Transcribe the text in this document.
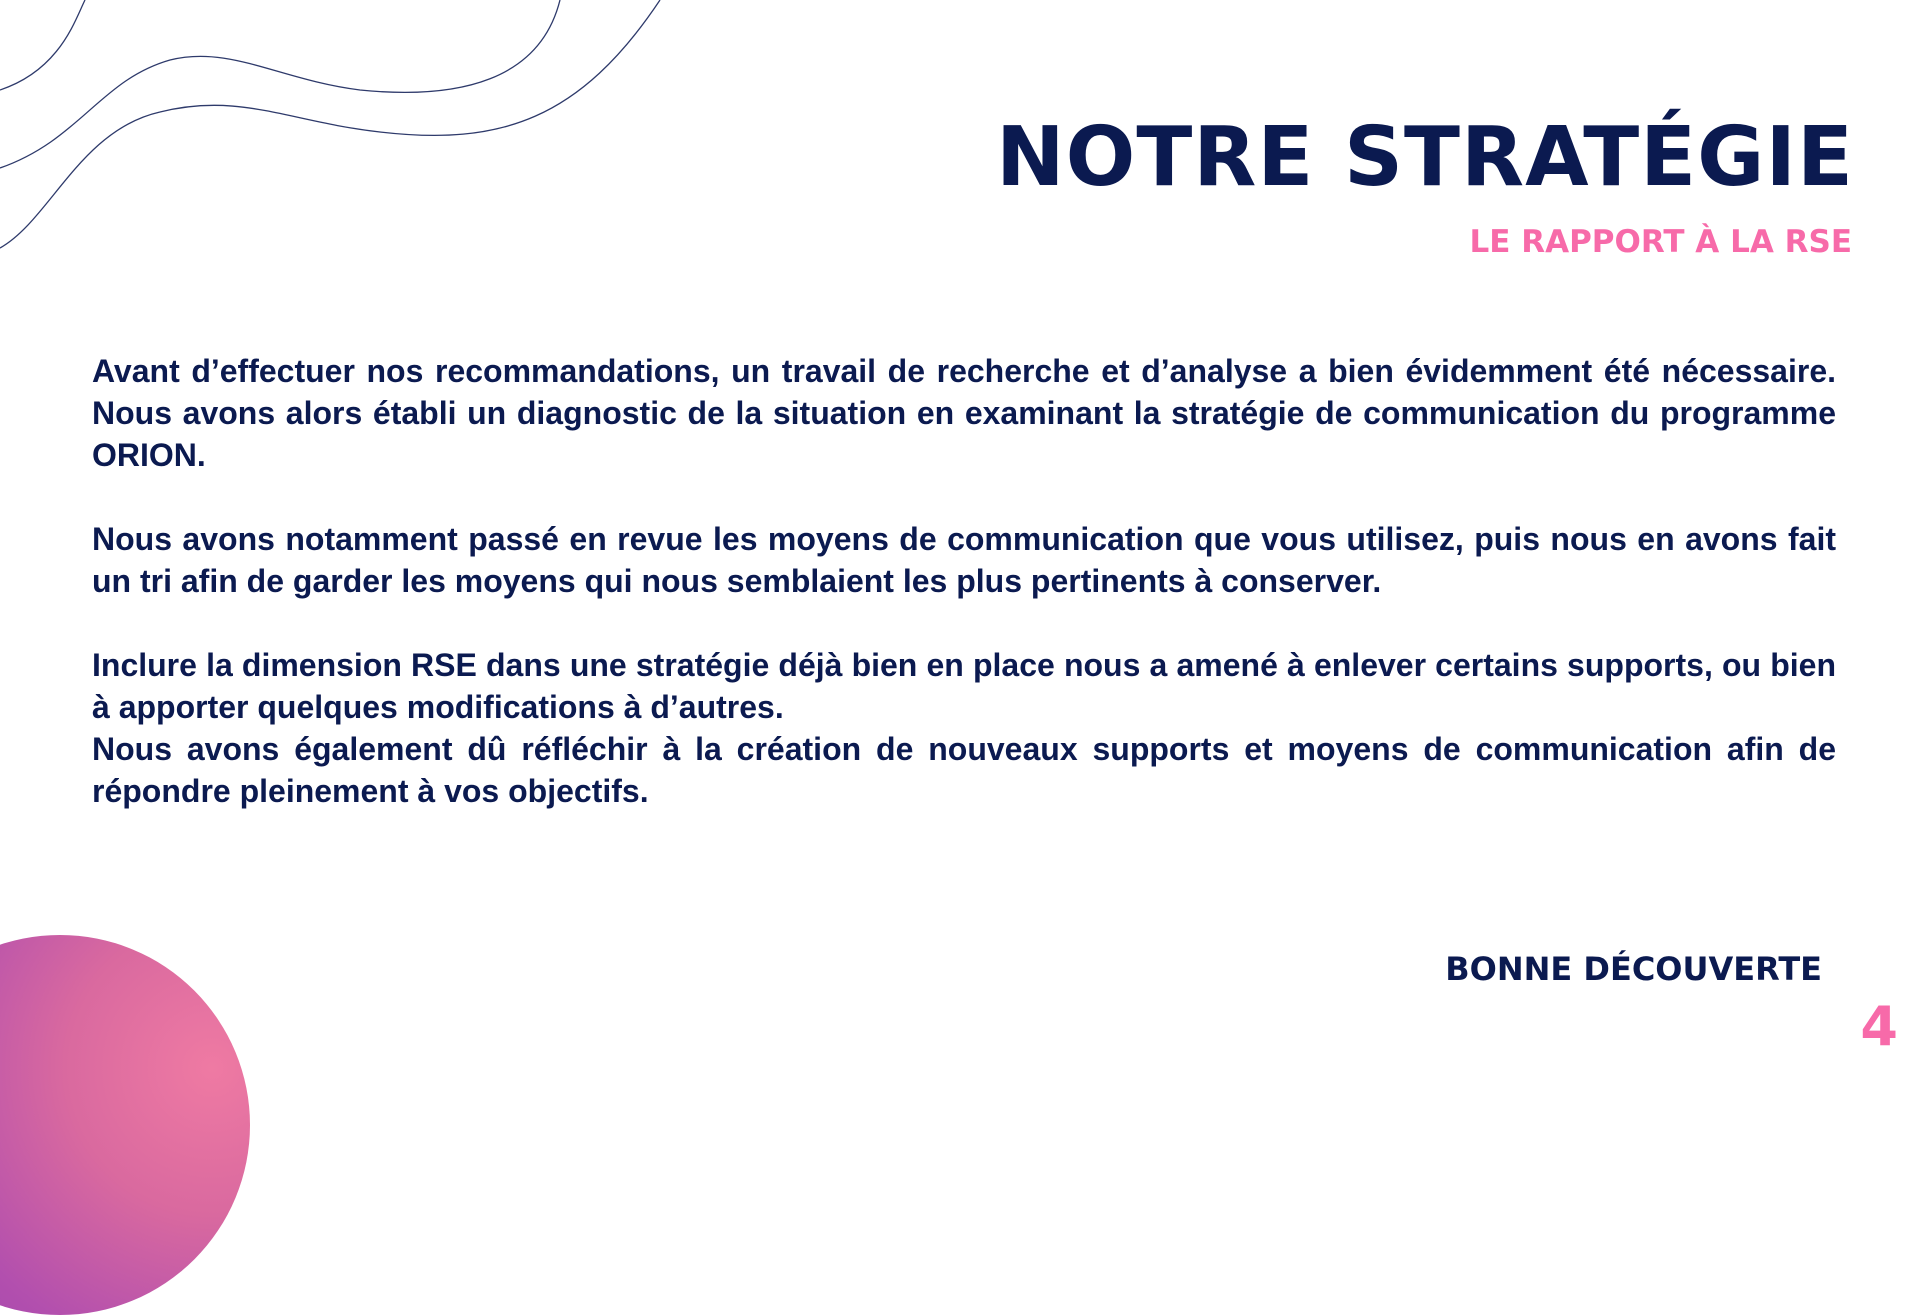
NOTRE STRATÉGIE
LE RAPPORT À LA RSE

Avant d’effectuer nos recommandations, un travail de recherche et d’analyse a bien évidemment été nécessaire. Nous avons alors établi un diagnostic de la situation en examinant la stratégie de communication du programme ORION.

Nous avons notamment passé en revue les moyens de communication que vous utilisez, puis nous en avons fait un tri afin de garder les moyens qui nous semblaient les plus pertinents à conserver.

Inclure la dimension RSE dans une stratégie déjà bien en place nous a amené à enlever certains supports, ou bien à apporter quelques modifications à d’autres.

Nous avons également dû réfléchir à la création de nouveaux supports et moyens de communication afin de répondre pleinement à vos objectifs.

BONNE DÉCOUVERTE
4
